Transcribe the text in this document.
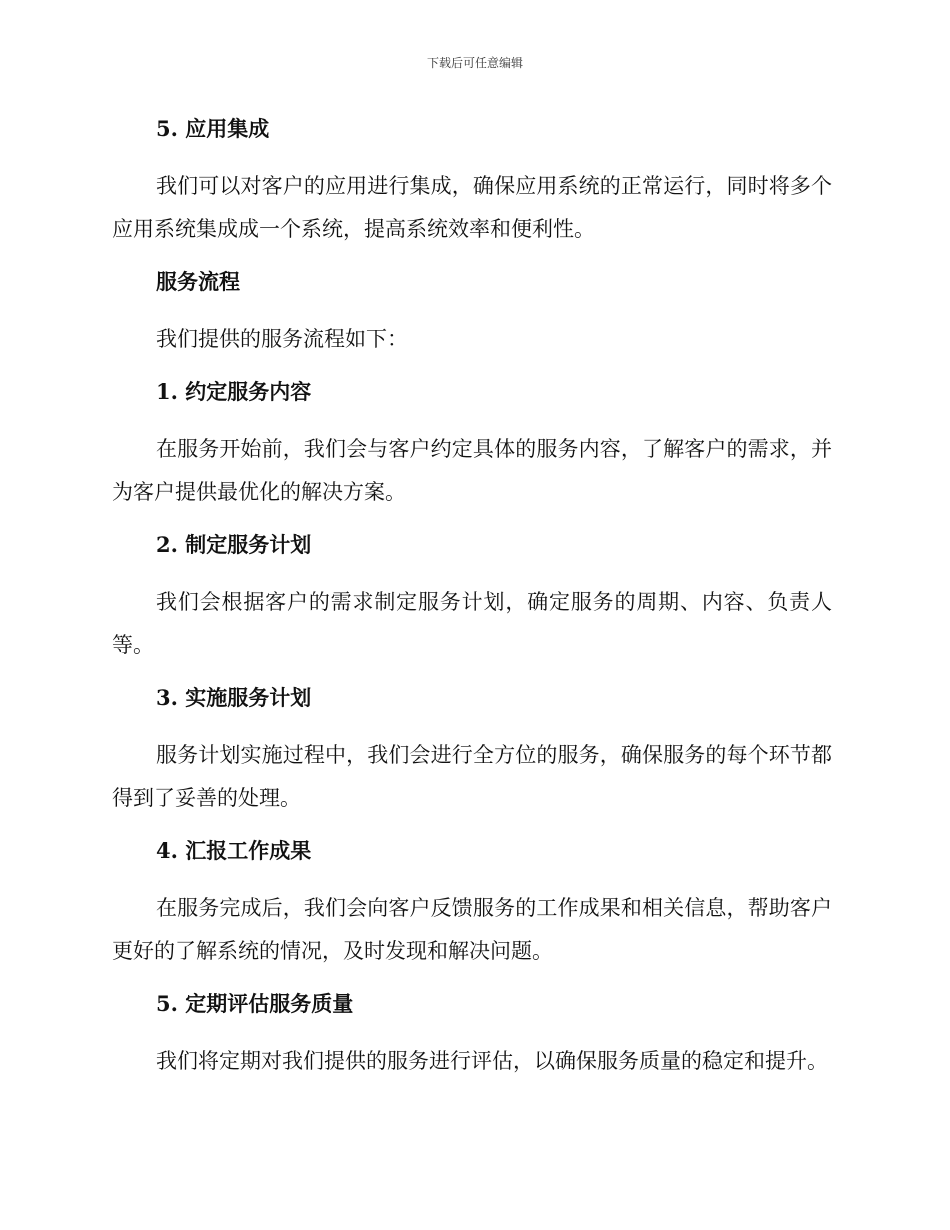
下载后可任意编辑
5. 应用集成

我们可以对客户的应用进行集成，确保应用系统的正常运行，同时将多个应用系统集成成一个系统，提高系统效率和便利性。

服务流程

我们提供的服务流程如下：

1. 约定服务内容

在服务开始前，我们会与客户约定具体的服务内容，了解客户的需求，并为客户提供最优化的解决方案。

2. 制定服务计划

我们会根据客户的需求制定服务计划，确定服务的周期、内容、负责人等。

3. 实施服务计划

服务计划实施过程中，我们会进行全方位的服务，确保服务的每个环节都得到了妥善的处理。

4. 汇报工作成果

在服务完成后，我们会向客户反馈服务的工作成果和相关信息，帮助客户更好的了解系统的情况，及时发现和解决问题。

5. 定期评估服务质量

我们将定期对我们提供的服务进行评估，以确保服务质量的稳定和提升。
